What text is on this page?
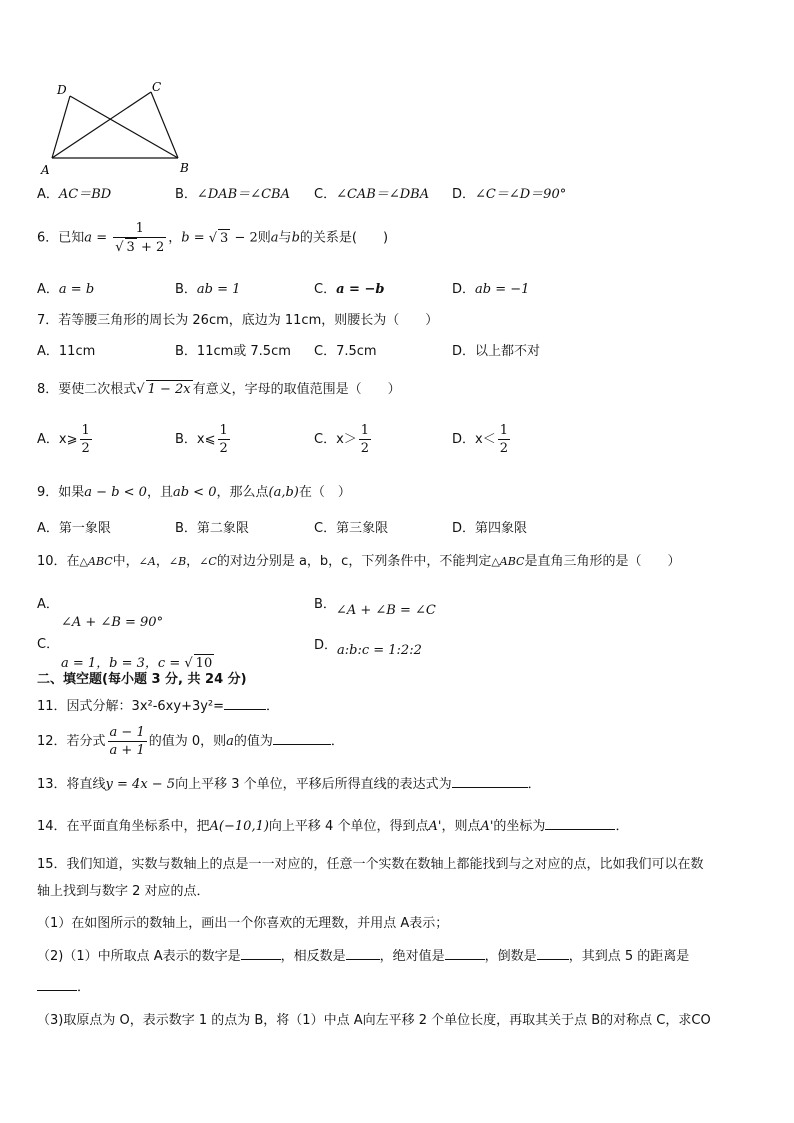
D	C
A	B
A．AC＝BD	B．∠DAB＝∠CBA C．∠CAB＝∠DBA D．∠C＝∠D＝90°
6．已知$a = \frac{1}{√ 3 + 2}$ ，b = √ 3 − 2则a与b的关系是(　　)
A．a = b	B．ab = 1	C．a = −b	D．ab = −1
7．若等腰三角形的周长为 26cm，底边为 11cm，则腰长为（　　）
A．11cm	B．11cm或 7.5cm C．7.5cm	D．以上都不对
8．要使二次根式√ 1 − 2x 有意义，字母的取值范围是（　　）
A．x⩾ $\frac{1}{2}$	B．x⩽ $\frac{1}{2}$	C．$x> \frac{1}{2}$	D．$x< \frac{1}{2}$
9．如果a − b < 0，且ab < 0，那么点(a,b)在（　）
A．第一象限	B．第二象限	C．第三象限	D．第四象限
10．在△ABC中，∠A，∠B，∠C的对边分别是 a，b，c，下列条件中，不能判定△ABC是直角三角形的是（　　）
A．
∠A + ∠B = 90°
B．∠A + ∠B = ∠C
C．
a = 1，b = 3，c = √ 10
D．a:b:c = 1:2:2
二、填空题(每小题 3 分, 共 24 分)
11．因式分解：3x²-6xy+3y²=	．
12．若分式 $\frac{a - 1}{a + 1}$ 的值为 0，则a的值为	．
13．将直线y = 4x − 5向上平移 3 个单位，平移后所得直线的表达式为	．
14．在平面直角坐标系中，把A(−10,1)向上平移 4 个单位，得到点A'，则点A'的坐标为	．
15．我们知道，实数与数轴上的点是一一对应的，任意一个实数在数轴上都能找到与之对应的点，比如我们可以在数
轴上找到与数字 2 对应的点．
（1）在如图所示的数轴上，画出一个你喜欢的无理数，并用点 A表示；
（2)（1）中所取点 A表示的数字是	，相反数是	，绝对值是	，倒数是 ，其到点 5 的距离是
．
（3)取原点为 O，表示数字 1 的点为 B，将（1）中点 A向左平移 2 个单位长度，再取其关于点 B的对称点 C，求CO
